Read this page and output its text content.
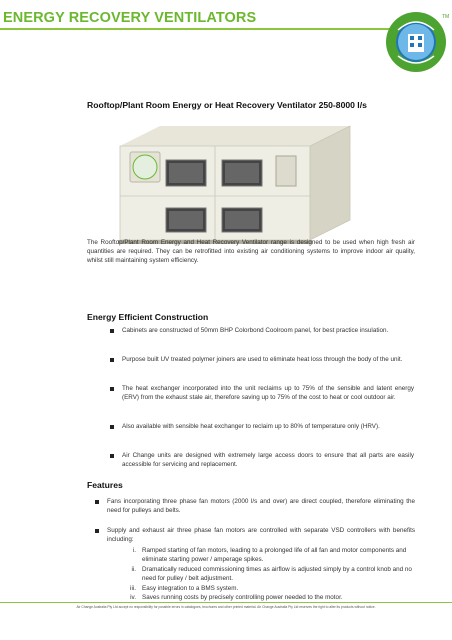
ENERGY RECOVERY VENTILATORS	TM
Rooftop/Plant Room Energy or Heat Recovery Ventilator 250-8000 l/s

The Rooftop/Plant Room Energy and Heat Recovery Ventilator range is designed to be used when high fresh air quantities are required. They can be retrofitted into existing air conditioning systems to improve indoor air quality, whilst still maintaining system efficiency.

Energy Efficient Construction
Cabinets are constructed of 50mm BHP Colorbond Coolroom panel, for best practice insulation.
Purpose built UV treated polymer joiners are used to eliminate heat loss through the body of the unit.
The heat exchanger incorporated into the unit reclaims up to 75% of the sensible and latent energy (ERV) from the exhaust stale air, therefore saving up to 75% of the cost to heat or cool outdoor air.
Also available with sensible heat exchanger to reclaim up to 80% of temperature only (HRV).
Air Change units are designed with extremely large access doors to ensure that all parts are easily accessible for servicing and replacement.
Features
Fans incorporating three phase fan motors (2000 l/s and over) are direct coupled, therefore eliminating the need for pulleys and belts.
Supply and exhaust air three phase fan motors are controlled with separate VSD controllers with benefits including:
i. Ramped starting of fan motors, leading to a prolonged life of all fan and motor components and eliminate starting power / amperage spikes.
ii. Dramatically reduced commissioning times as airflow is adjusted simply by a control knob and no need for pulley / belt adjustment.
iii. Easy integration to a BMS system.
iv. Saves running costs by precisely controlling power needed to the motor.
Air Change Australia Pty Ltd accept no responsibility for possible errors in catalogues, brochures and other printed material. Air Change Australia Pty Ltd reserves the right to alter its products without notice.
